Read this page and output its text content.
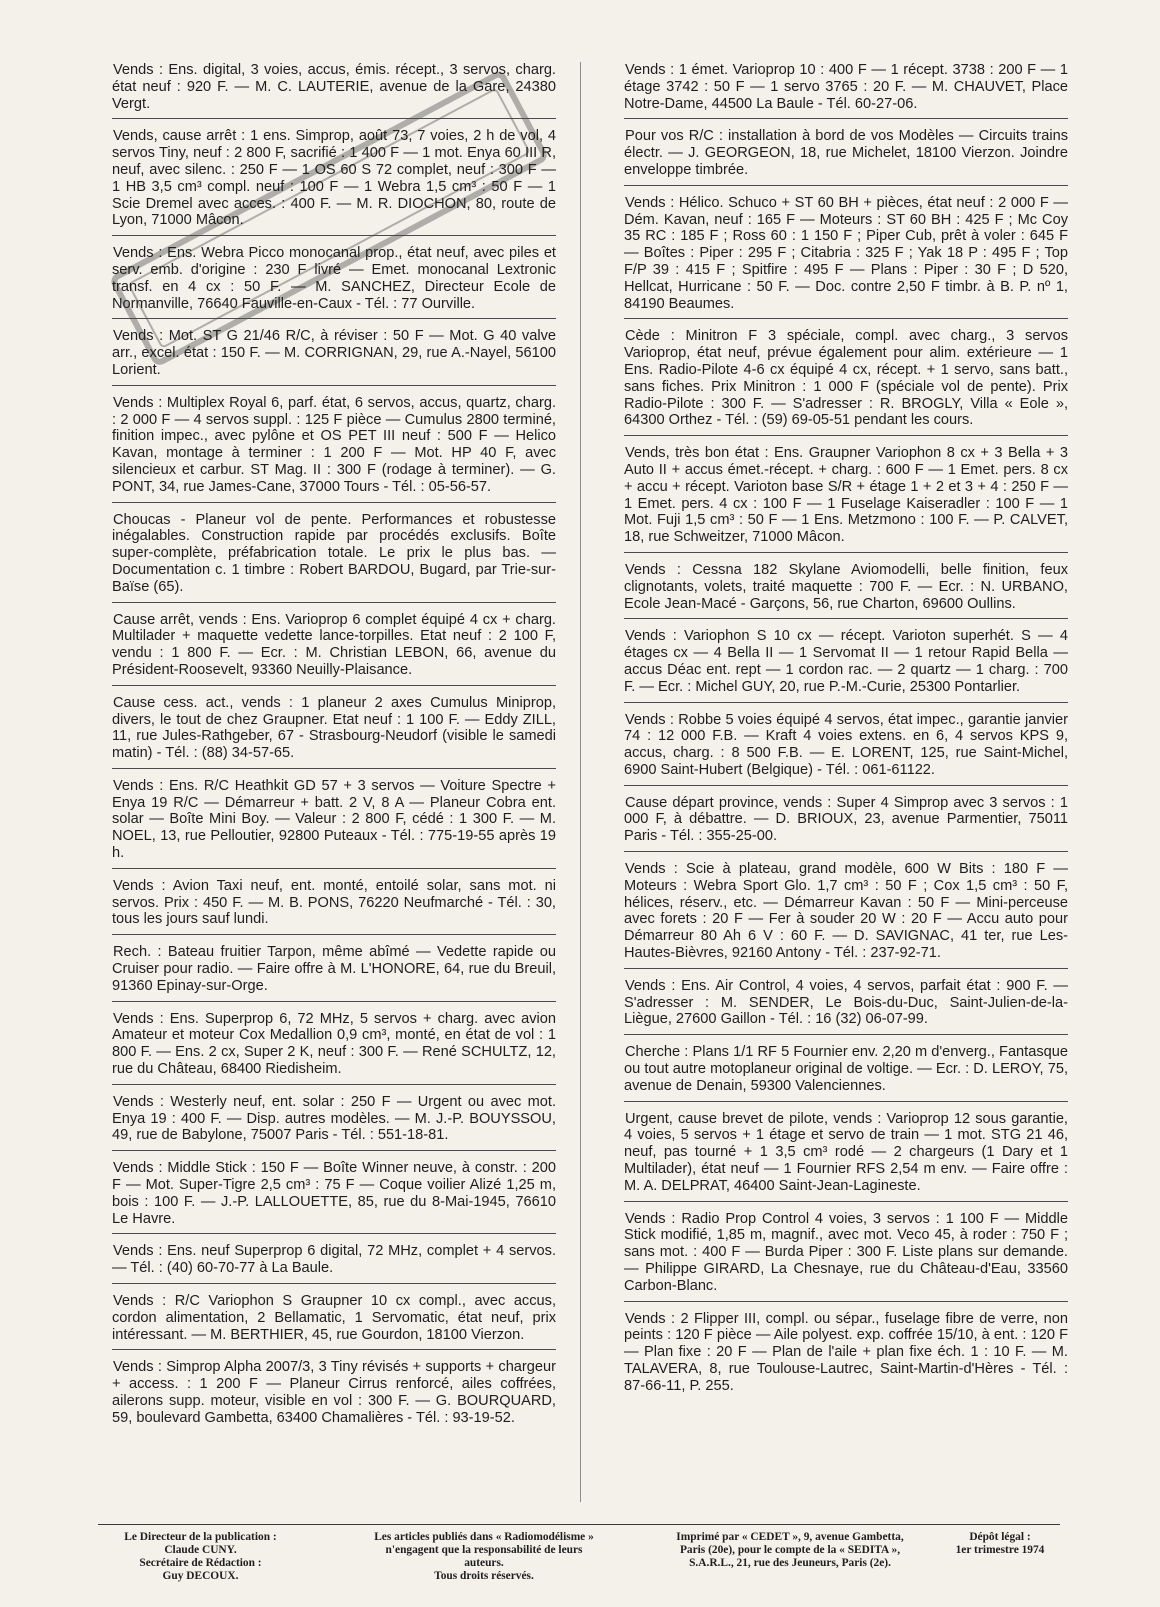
Vends : Ens. digital, 3 voies, accus, émis. récept., 3 servos, charg. état neuf : 920 F. — M. C. LAUTERIE, avenue de la Gare, 24380 Vergt.
Vends, cause arrêt : 1 ens. Simprop, août 73, 7 voies, 2 h de vol, 4 servos Tiny, neuf : 2 800 F, sacrifié : 1 400 F — 1 mot. Enya 60 III R, neuf, avec silenc. : 250 F — 1 OS 60 S 72 complet, neuf : 300 F — 1 HB 3,5 cm³ compl. neuf : 100 F — 1 Webra 1,5 cm³ : 50 F — 1 Scie Dremel avec acces. : 400 F. — M. R. DIOCHON, 80, route de Lyon, 71000 Mâcon.
Vends : Ens. Webra Picco monocanal prop., état neuf, avec piles et serv. emb. d'origine : 230 F livré — Emet. monocanal Lextronic transf. en 4 cx : 50 F. — M. SANCHEZ, Directeur Ecole de Normanville, 76640 Fauville-en-Caux - Tél. : 77 Ourville.
Vends : Mot. ST G 21/46 R/C, à réviser : 50 F — Mot. G 40 valve arr., excel. état : 150 F. — M. CORRIGNAN, 29, rue A.-Nayel, 56100 Lorient.
Vends : Multiplex Royal 6, parf. état, 6 servos, accus, quartz, charg. : 2 000 F — 4 servos suppl. : 125 F pièce — Cumulus 2800 terminé, finition impec., avec pylône et OS PET III neuf : 500 F — Helico Kavan, montage à terminer : 1 200 F — Mot. HP 40 F, avec silencieux et carbur. ST Mag. II : 300 F (rodage à terminer). — G. PONT, 34, rue James-Cane, 37000 Tours - Tél. : 05-56-57.
Choucas - Planeur vol de pente. Performances et robustesse inégalables. Construction rapide par procédés exclusifs. Boîte super-complète, préfabrication totale. Le prix le plus bas. — Documentation c. 1 timbre : Robert BARDOU, Bugard, par Trie-sur-Baïse (65).
Cause arrêt, vends : Ens. Varioprop 6 complet équipé 4 cx + charg. Multilader + maquette vedette lance-torpilles. Etat neuf : 2 100 F, vendu : 1 800 F. — Ecr. : M. Christian LEBON, 66, avenue du Président-Roosevelt, 93360 Neuilly-Plaisance.
Cause cess. act., vends : 1 planeur 2 axes Cumulus Miniprop, divers, le tout de chez Graupner. Etat neuf : 1 100 F. — Eddy ZILL, 11, rue Jules-Rathgeber, 67 - Strasbourg-Neudorf (visible le samedi matin) - Tél. : (88) 34-57-65.
Vends : Ens. R/C Heathkit GD 57 + 3 servos — Voiture Spectre + Enya 19 R/C — Démarreur + batt. 2 V, 8 A — Planeur Cobra ent. solar — Boîte Mini Boy. — Valeur : 2 800 F, cédé : 1 300 F. — M. NOEL, 13, rue Pelloutier, 92800 Puteaux - Tél. : 775-19-55 après 19 h.
Vends : Avion Taxi neuf, ent. monté, entoilé solar, sans mot. ni servos. Prix : 450 F. — M. B. PONS, 76220 Neufmarché - Tél. : 30, tous les jours sauf lundi.
Rech. : Bateau fruitier Tarpon, même abîmé — Vedette rapide ou Cruiser pour radio. — Faire offre à M. L'HONORE, 64, rue du Breuil, 91360 Epinay-sur-Orge.
Vends : Ens. Superprop 6, 72 MHz, 5 servos + charg. avec avion Amateur et moteur Cox Medallion 0,9 cm³, monté, en état de vol : 1 800 F. — Ens. 2 cx, Super 2 K, neuf : 300 F. — René SCHULTZ, 12, rue du Château, 68400 Riedisheim.
Vends : Westerly neuf, ent. solar : 250 F — Urgent ou avec mot. Enya 19 : 400 F. — Disp. autres modèles. — M. J.-P. BOUYSSOU, 49, rue de Babylone, 75007 Paris - Tél. : 551-18-81.
Vends : Middle Stick : 150 F — Boîte Winner neuve, à constr. : 200 F — Mot. Super-Tigre 2,5 cm³ : 75 F — Coque voilier Alizé 1,25 m, bois : 100 F. — J.-P. LALLOUETTE, 85, rue du 8-Mai-1945, 76610 Le Havre.
Vends : Ens. neuf Superprop 6 digital, 72 MHz, complet + 4 servos. — Tél. : (40) 60-70-77 à La Baule.
Vends : R/C Variophon S Graupner 10 cx compl., avec accus, cordon alimentation, 2 Bellamatic, 1 Servomatic, état neuf, prix intéressant. — M. BERTHIER, 45, rue Gourdon, 18100 Vierzon.
Vends : Simprop Alpha 2007/3, 3 Tiny révisés + supports + chargeur + access. : 1 200 F — Planeur Cirrus renforcé, ailes coffrées, ailerons supp. moteur, visible en vol : 300 F. — G. BOURQUARD, 59, boulevard Gambetta, 63400 Chamalières - Tél. : 93-19-52.
Vends : 1 émet. Varioprop 10 : 400 F — 1 récept. 3738 : 200 F — 1 étage 3742 : 50 F — 1 servo 3765 : 20 F. — M. CHAUVET, Place Notre-Dame, 44500 La Baule - Tél. 60-27-06.
Pour vos R/C : installation à bord de vos Modèles — Circuits trains électr. — J. GEORGEON, 18, rue Michelet, 18100 Vierzon. Joindre enveloppe timbrée.
Vends : Hélico. Schuco + ST 60 BH + pièces, état neuf : 2 000 F — Dém. Kavan, neuf : 165 F — Moteurs : ST 60 BH : 425 F ; Mc Coy 35 RC : 185 F ; Ross 60 : 1 150 F ; Piper Cub, prêt à voler : 645 F — Boîtes : Piper : 295 F ; Citabria : 325 F ; Yak 18 P : 495 F ; Top F/P 39 : 415 F ; Spitfire : 495 F — Plans : Piper : 30 F ; D 520, Hellcat, Hurricane : 50 F. — Doc. contre 2,50 F timbr. à B. P. nº 1, 84190 Beaumes.
Cède : Minitron F 3 spéciale, compl. avec charg., 3 servos Varioprop, état neuf, prévue également pour alim. extérieure — 1 Ens. Radio-Pilote 4-6 cx équipé 4 cx, récept. + 1 servo, sans batt., sans fiches. Prix Minitron : 1 000 F (spéciale vol de pente). Prix Radio-Pilote : 300 F. — S'adresser : R. BROGLY, Villa « Eole », 64300 Orthez - Tél. : (59) 69-05-51 pendant les cours.
Vends, très bon état : Ens. Graupner Variophon 8 cx + 3 Bella + 3 Auto II + accus émet.-récept. + charg. : 600 F — 1 Emet. pers. 8 cx + accu + récept. Varioton base S/R + étage 1 + 2 et 3 + 4 : 250 F — 1 Emet. pers. 4 cx : 100 F — 1 Fuselage Kaiseradler : 100 F — 1 Mot. Fuji 1,5 cm³ : 50 F — 1 Ens. Metzmono : 100 F. — P. CALVET, 18, rue Schweitzer, 71000 Mâcon.
Vends : Cessna 182 Skylane Aviomodelli, belle finition, feux clignotants, volets, traité maquette : 700 F. — Ecr. : N. URBANO, Ecole Jean-Macé - Garçons, 56, rue Charton, 69600 Oullins.
Vends : Variophon S 10 cx — récept. Varioton superhét. S — 4 étages cx — 4 Bella II — 1 Servomat II — 1 retour Rapid Bella — accus Déac ent. rept — 1 cordon rac. — 2 quartz — 1 charg. : 700 F. — Ecr. : Michel GUY, 20, rue P.-M.-Curie, 25300 Pontarlier.
Vends : Robbe 5 voies équipé 4 servos, état impec., garantie janvier 74 : 12 000 F.B. — Kraft 4 voies extens. en 6, 4 servos KPS 9, accus, charg. : 8 500 F.B. — E. LORENT, 125, rue Saint-Michel, 6900 Saint-Hubert (Belgique) - Tél. : 061-61122.
Cause départ province, vends : Super 4 Simprop avec 3 servos : 1 000 F, à débattre. — D. BRIOUX, 23, avenue Parmentier, 75011 Paris - Tél. : 355-25-00.
Vends : Scie à plateau, grand modèle, 600 W Bits : 180 F — Moteurs : Webra Sport Glo. 1,7 cm³ : 50 F ; Cox 1,5 cm³ : 50 F, hélices, réserv., etc. — Démarreur Kavan : 50 F — Mini-perceuse avec forets : 20 F — Fer à souder 20 W : 20 F — Accu auto pour Démarreur 80 Ah 6 V : 60 F. — D. SAVIGNAC, 41 ter, rue Les-Hautes-Bièvres, 92160 Antony - Tél. : 237-92-71.
Vends : Ens. Air Control, 4 voies, 4 servos, parfait état : 900 F. — S'adresser : M. SENDER, Le Bois-du-Duc, Saint-Julien-de-la-Liègue, 27600 Gaillon - Tél. : 16 (32) 06-07-99.
Cherche : Plans 1/1 RF 5 Fournier env. 2,20 m d'enverg., Fantasque ou tout autre motoplaneur original de voltige. — Ecr. : D. LEROY, 75, avenue de Denain, 59300 Valenciennes.
Urgent, cause brevet de pilote, vends : Varioprop 12 sous garantie, 4 voies, 5 servos + 1 étage et servo de train — 1 mot. STG 21 46, neuf, pas tourné + 1 3,5 cm³ rodé — 2 chargeurs (1 Dary et 1 Multilader), état neuf — 1 Fournier RFS 2,54 m env. — Faire offre : M. A. DELPRAT, 46400 Saint-Jean-Lagineste.
Vends : Radio Prop Control 4 voies, 3 servos : 1 100 F — Middle Stick modifié, 1,85 m, magnif., avec mot. Veco 45, à roder : 750 F ; sans mot. : 400 F — Burda Piper : 300 F. Liste plans sur demande. — Philippe GIRARD, La Chesnaye, rue du Château-d'Eau, 33560 Carbon-Blanc.
Vends : 2 Flipper III, compl. ou sépar., fuselage fibre de verre, non peints : 120 F pièce — Aile polyest. exp. coffrée 15/10, à ent. : 120 F — Plan fixe : 20 F — Plan de l'aile + plan fixe éch. 1 : 10 F. — M. TALAVERA, 8, rue Toulouse-Lautrec, Saint-Martin-d'Hères - Tél. : 87-66-11, P. 255.
Le Directeur de la publication :
Claude CUNY.
Secrétaire de Rédaction :
Guy DECOUX.
Les articles publiés dans « Radiomodélisme »
n'engagent que la responsabilité de leurs
auteurs.
Tous droits réservés.
Imprimé par « CEDET », 9, avenue Gambetta,
Paris (20e), pour le compte de la « SEDITA »,
S.A.R.L., 21, rue des Jeuneurs, Paris (2e).
Dépôt légal :
1er trimestre 1974
